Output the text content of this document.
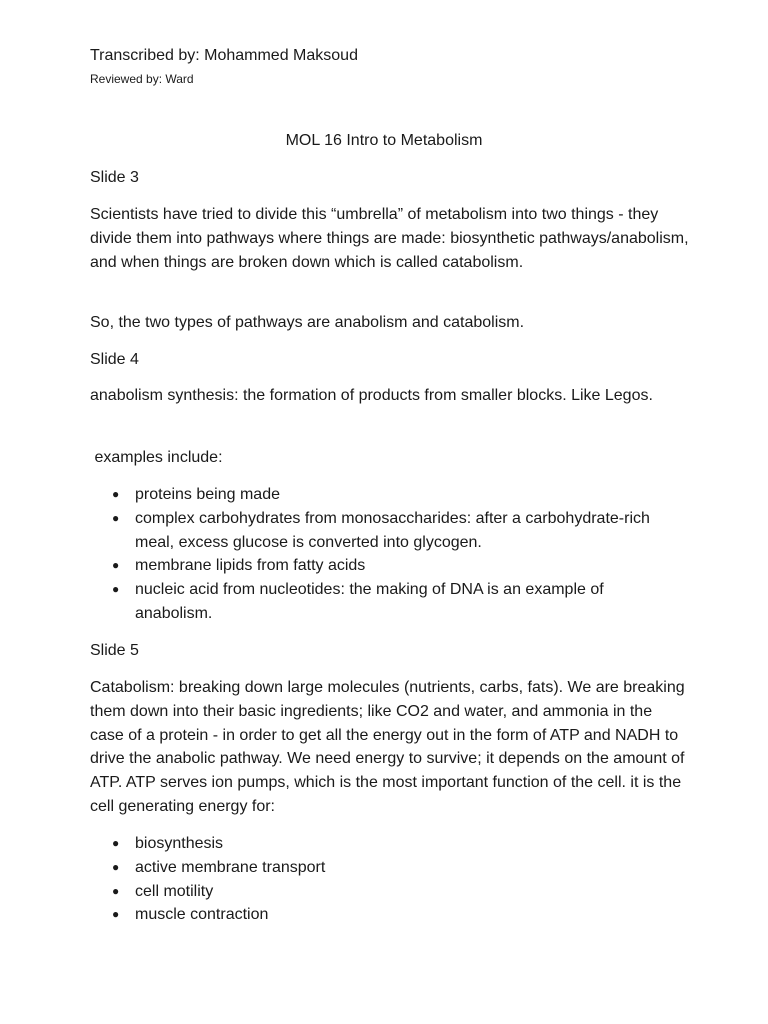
Transcribed by: Mohammed Maksoud
Reviewed by: Ward
MOL 16 Intro to Metabolism

Slide 3

Scientists have tried to divide this “umbrella” of metabolism into two things - they divide them into pathways where things are made: biosynthetic pathways/anabolism, and when things are broken down which is called catabolism.

So, the two types of pathways are anabolism and catabolism.

Slide 4

anabolism synthesis: the formation of products from smaller blocks. Like Legos.

examples include:

● proteins being made
● complex carbohydrates from monosaccharides: after a carbohydrate-rich meal, excess glucose is converted into glycogen.
● membrane lipids from fatty acids
● nucleic acid from nucleotides: the making of DNA is an example of anabolism.

Slide 5

Catabolism: breaking down large molecules (nutrients, carbs, fats). We are breaking them down into their basic ingredients; like CO2 and water, and ammonia in the case of a protein - in order to get all the energy out in the form of ATP and NADH to drive the anabolic pathway. We need energy to survive; it depends on the amount of ATP. ATP serves ion pumps, which is the most important function of the cell. it is the cell generating energy for:

● biosynthesis
● active membrane transport
● cell motility
● muscle contraction
